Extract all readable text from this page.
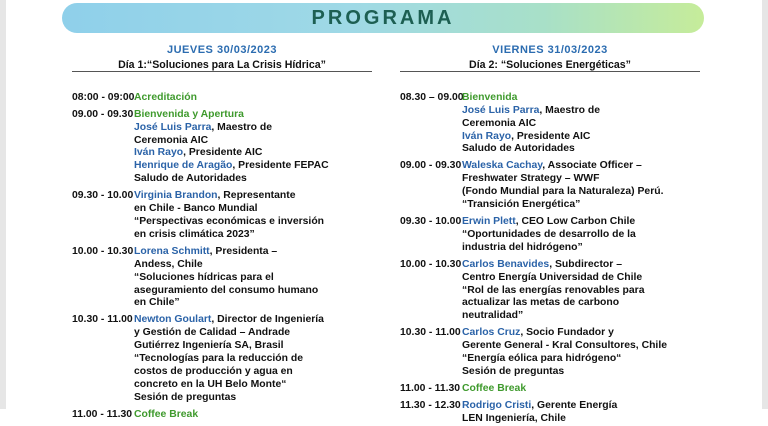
PROGRAMA
JUEVES 30/03/2023
Día 1:“Soluciones para La Crisis Hídrica”
08:00 - 09:00 Acreditación
09.00 - 09.30 Bienvenida y Apertura
José Luis Parra, Maestro de
Ceremonia AIC
Iván Rayo, Presidente AIC
Henrique de Aragão, Presidente FEPAC
Saludo de Autoridades
09.30 - 10.00 Virginia Brandon, Representante
en Chile - Banco Mundial
“Perspectivas económicas e inversión
en crisis climática 2023”
10.00 - 10.30 Lorena Schmitt, Presidenta –
Andess, Chile
“Soluciones hídricas para el
aseguramiento del consumo humano
en Chile”
10.30 - 11.00 Newton Goulart, Director de Ingeniería
y Gestión de Calidad – Andrade
Gutiérrez Ingeniería SA, Brasil
“Tecnologías para la reducción de
costos de producción y agua en
concreto en la UH Belo Monte“
Sesión de preguntas
11.00 - 11.30 Coffee Break
VIERNES 31/03/2023
Día 2: “Soluciones Energéticas”
08.30 – 09.00
Bienvenida
José Luis Parra, Maestro de
Ceremonia AIC
Iván Rayo, Presidente AIC
Saludo de Autoridades
09.00 - 09.30 Waleska Cachay, Associate Officer –
Freshwater Strategy – WWF
(Fondo Mundial para la Naturaleza) Perú.
“Transición Energética”
09.30 - 10.00 Erwin Plett, CEO Low Carbon Chile
“Oportunidades de desarrollo de la
industria del hidrógeno”
10.00 - 10.30 Carlos Benavides, Subdirector –
Centro Energía Universidad de Chile
“Rol de las energías renovables para
actualizar las metas de carbono
neutralidad”
10.30 - 11.00 Carlos Cruz, Socio Fundador y
Gerente General - Kral Consultores, Chile
“Energía eólica para hidrógeno“
Sesión de preguntas
11.00 - 11.30 Coffee Break
11.30 - 12.30 Rodrigo Cristi, Gerente Energía
LEN Ingeniería, Chile
